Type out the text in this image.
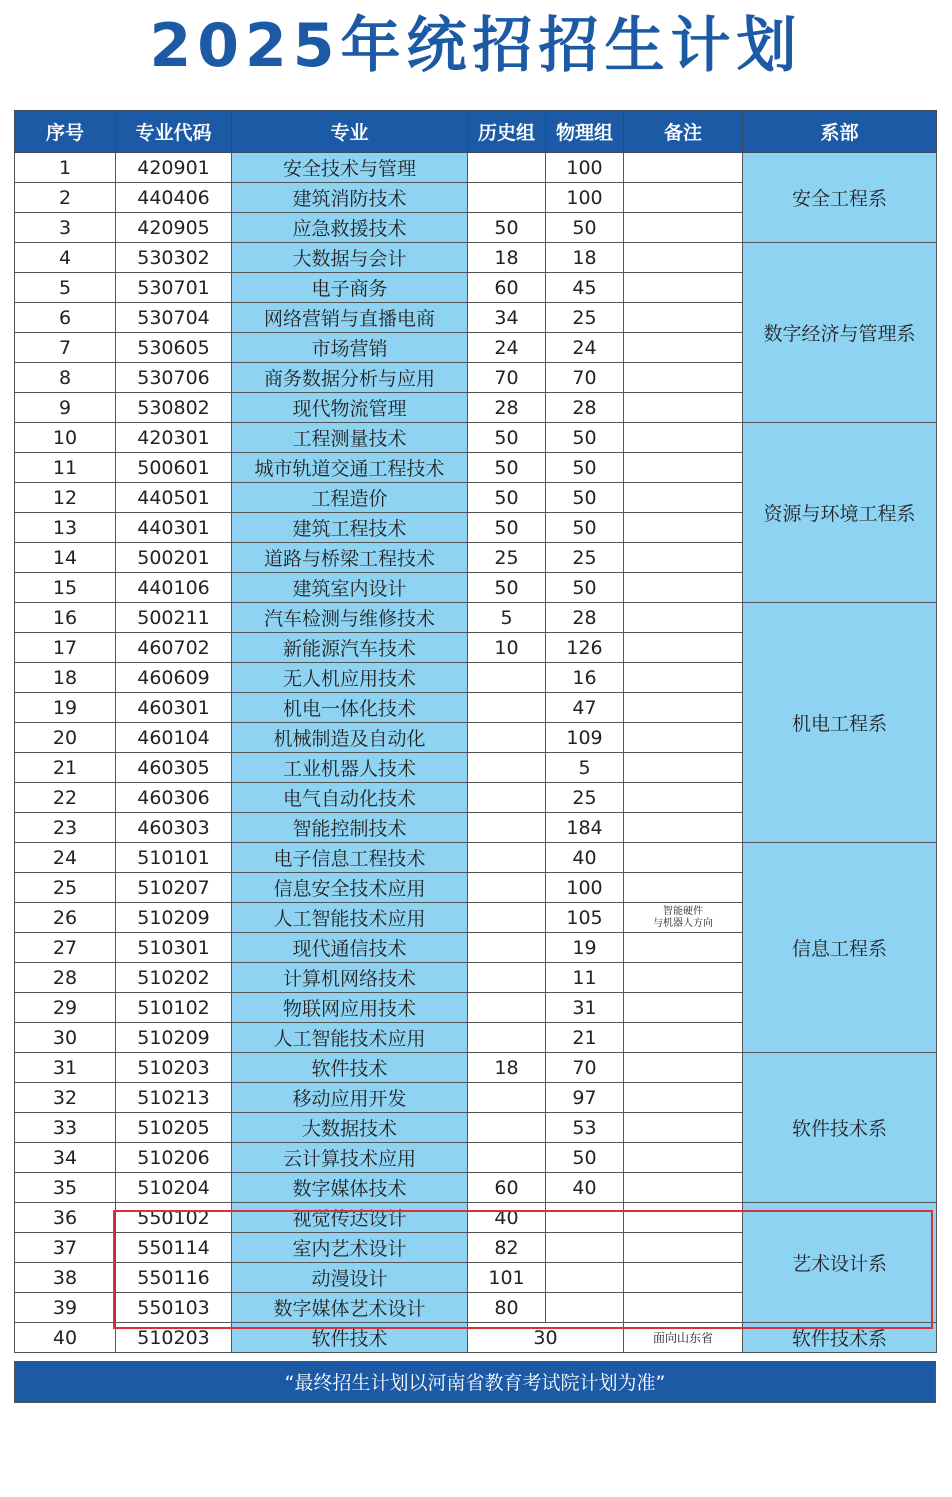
2025年统招招生计划
序号	专业代码	专业	历史组	物理组	备注	系部
1	420901	安全技术与管理		100		安全工程系
2	440406	建筑消防技术		100		
3	420905	应急救援技术	50	50		
4	530302	大数据与会计	18	18		数字经济与管理系
5	530701	电子商务	60	45		
6	530704	网络营销与直播电商	34	25		
7	530605	市场营销	24	24		
8	530706	商务数据分析与应用	70	70		
9	530802	现代物流管理	28	28		
10	420301	工程测量技术	50	50		资源与环境工程系
11	500601	城市轨道交通工程技术	50	50		
12	440501	工程造价	50	50		
13	440301	建筑工程技术	50	50		
14	500201	道路与桥梁工程技术	25	25		
15	440106	建筑室内设计	50	50		
16	500211	汽车检测与维修技术	5	28		机电工程系
17	460702	新能源汽车技术	10	126		
18	460609	无人机应用技术		16		
19	460301	机电一体化技术		47		
20	460104	机械制造及自动化		109		
21	460305	工业机器人技术		5		
22	460306	电气自动化技术		25		
23	460303	智能控制技术		184		
24	510101	电子信息工程技术		40		信息工程系
25	510207	信息安全技术应用		100		
26	510209	人工智能技术应用		105	智能硬件
与机器人方向	

27	510301	现代通信技术		19		
28	510202	计算机网络技术		11		
29	510102	物联网应用技术		31		
30	510209	人工智能技术应用		21		
31	510203	软件技术	18	70		软件技术系
32	510213	移动应用开发		97		
33	510205	大数据技术		53		
34	510206	云计算技术应用		50		
35	510204	数字媒体技术	60	40		
36	550102	视觉传达设计	40			艺术设计系
37	550114	室内艺术设计	82			
38	550116	动漫设计	101			
39	550103	数字媒体艺术设计	80			
40	510203	软件技术	30		面向山东省	软件技术系
“最终招生计划以河南省教育考试院计划为准”
